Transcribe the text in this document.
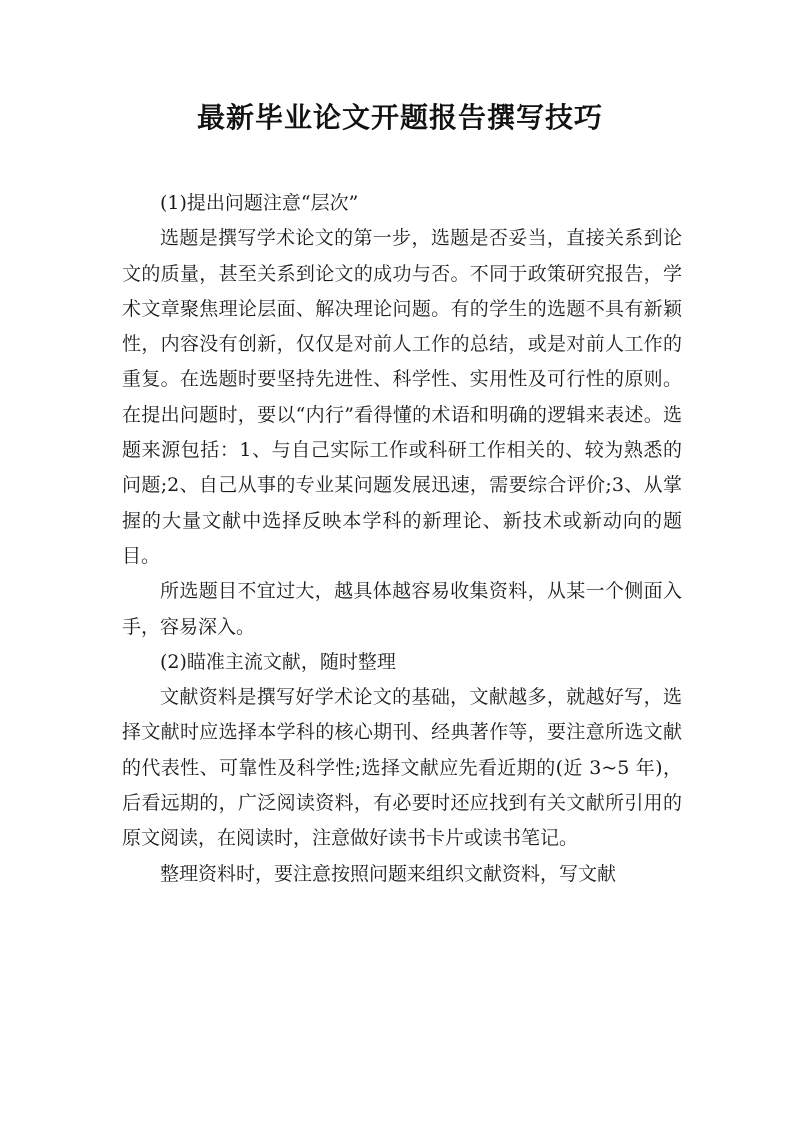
最新毕业论文开题报告撰写技巧

(1)提出问题注意“层次”

选题是撰写学术论文的第一步，选题是否妥当，直接关系到论文的质量，甚至关系到论文的成功与否。不同于政策研究报告，学术文章聚焦理论层面、解决理论问题。有的学生的选题不具有新颖性，内容没有创新，仅仅是对前人工作的总结，或是对前人工作的重复。在选题时要坚持先进性、科学性、实用性及可行性的原则。在提出问题时，要以“内行”看得懂的术语和明确的逻辑来表述。选题来源包括：1、与自己实际工作或科研工作相关的、较为熟悉的问题;2、自己从事的专业某问题发展迅速，需要综合评价;3、从掌握的大量文献中选择反映本学科的新理论、新技术或新动向的题目。

所选题目不宜过大，越具体越容易收集资料，从某一个侧面入手，容易深入。

(2)瞄准主流文献，随时整理

文献资料是撰写好学术论文的基础，文献越多，就越好写，选择文献时应选择本学科的核心期刊、经典著作等，要注意所选文献的代表性、可靠性及科学性;选择文献应先看近期的(近 3~5 年)，后看远期的，广泛阅读资料，有必要时还应找到有关文献所引用的原文阅读，在阅读时，注意做好读书卡片或读书笔记。

整理资料时，要注意按照问题来组织文献资料，写文献
